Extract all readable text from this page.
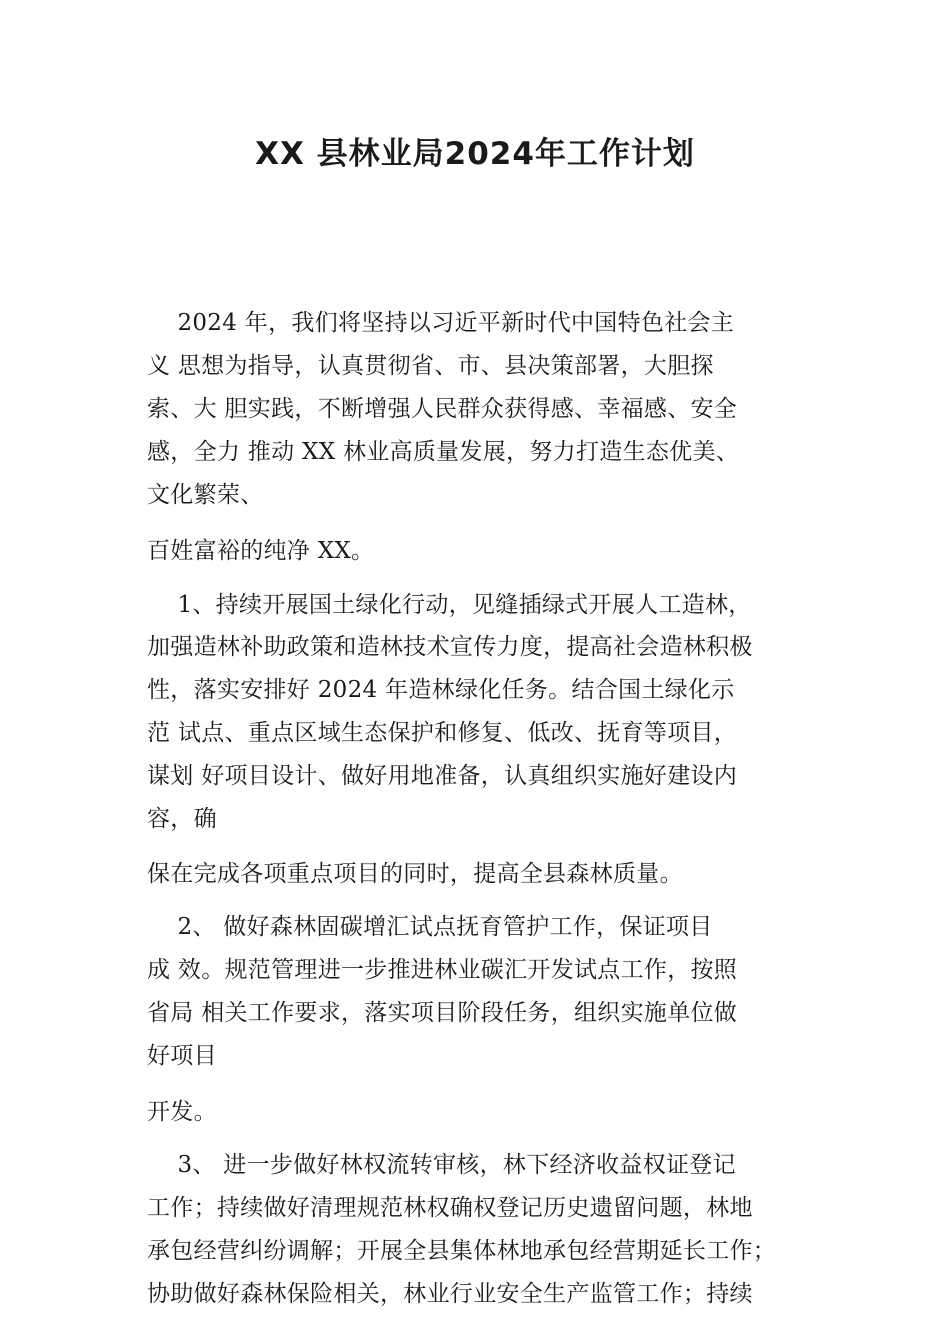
XX 县林业局2024年工作计划
2024 年，我们将坚持以习近平新时代中国特色社会主
义 思想为指导，认真贯彻省、市、县决策部署，大胆探
索、大 胆实践，不断增强人民群众获得感、幸福感、安全
感，全力 推动 XX 林业高质量发展，努力打造生态优美、
文化繁荣、
百姓富裕的纯净 XX。
1、持续开展国土绿化行动，见缝插绿式开展人工造林，
加强造林补助政策和造林技术宣传力度，提高社会造林积极
性，落实安排好 2024 年造林绿化任务。结合国土绿化示
范 试点、重点区域生态保护和修复、低改、抚育等项目，
谋划 好项目设计、做好用地准备，认真组织实施好建设内
容，确
保在完成各项重点项目的同时，提高全县森林质量。
2、 做好森林固碳增汇试点抚育管护工作，保证项目
成 效。规范管理进一步推进林业碳汇开发试点工作，按照
省局 相关工作要求，落实项目阶段任务，组织实施单位做
好项目
开发。
3、 进一步做好林权流转审核，林下经济收益权证登记
工作；持续做好清理规范林权确权登记历史遗留问题，林地
承包经营纠纷调解；开展全县集体林地承包经营期延长工作；
协助做好森林保险相关，林业行业安全生产监管工作；持续
